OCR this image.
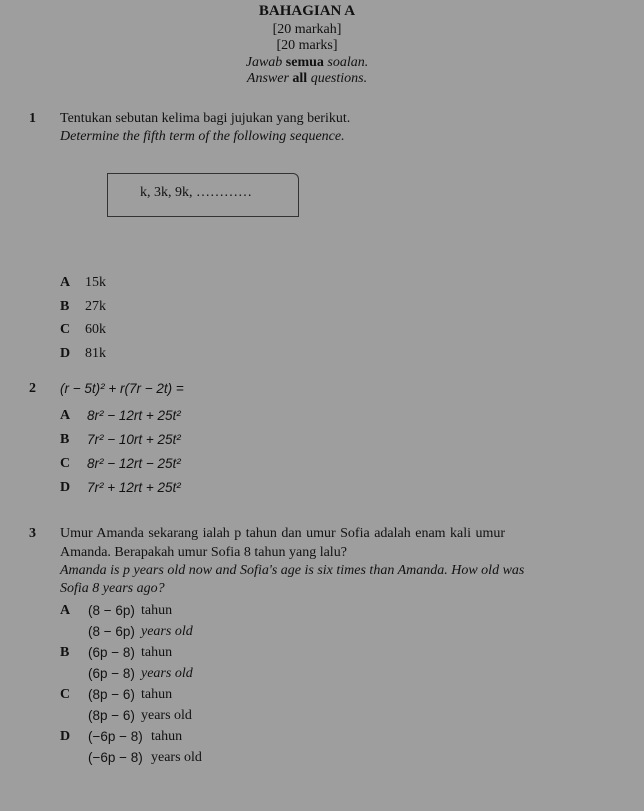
BAHAGIAN A
[20 markah]
[20 marks]
Jawab semua soalan.
Answer all questions.
1 Tentukan sebutan kelima bagi jujukan yang berikut.
Determine the fifth term of the following sequence.
k, 3k, 9k, …………
A 15k
B 27k
C 60k
D 81k
2 (r − 5t)² + r(7r − 2t) =
A 8r² − 12rt + 25t²
B 7r² − 10rt + 25t²
C 8r² − 12rt − 25t²
D 7r² + 12rt + 25t²
3 Umur Amanda sekarang ialah p tahun dan umur Sofia adalah enam kali umur
Amanda. Berapakah umur Sofia 8 tahun yang lalu?
Amanda is p years old now and Sofia's age is six times than Amanda. How old was
Sofia 8 years ago?
A (8 − 6p) tahun
(8 − 6p) years old
B (6p − 8) tahun
(6p − 8) years old
C (8p − 6) tahun
(8p − 6) years old
D (−6p − 8) tahun
(−6p − 8) years old
